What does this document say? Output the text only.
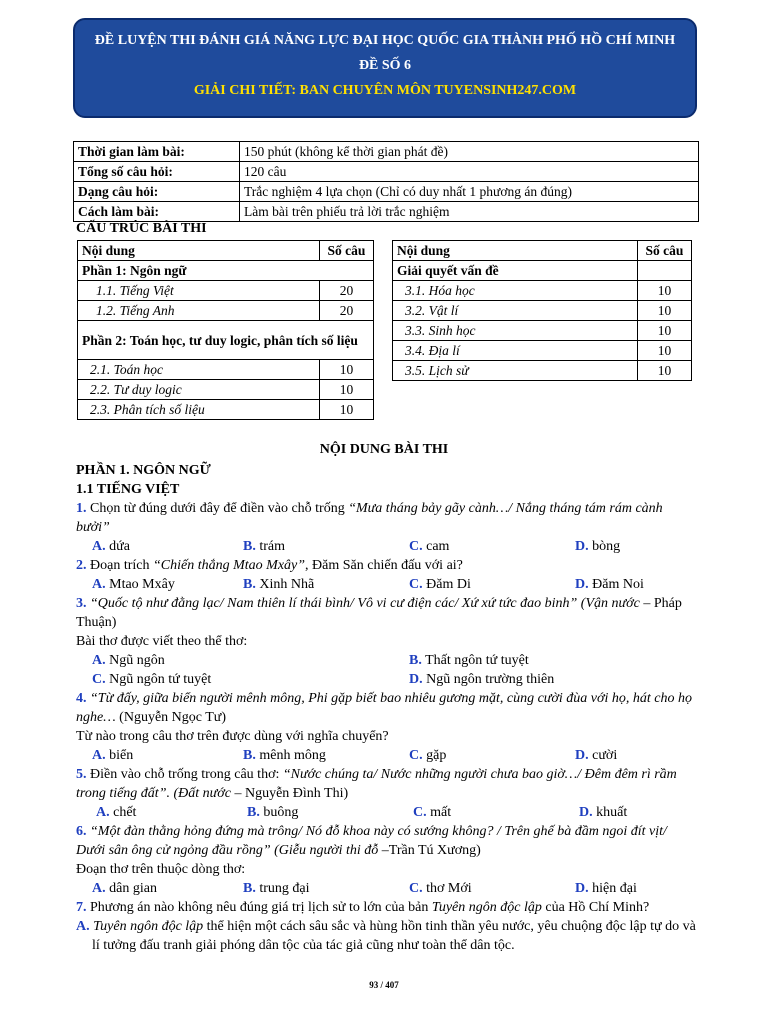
ĐỀ LUYỆN THI ĐÁNH GIÁ NĂNG LỰC ĐẠI HỌC QUỐC GIA THÀNH PHỐ HỒ CHÍ MINH
ĐỀ SỐ 6
GIẢI CHI TIẾT: BAN CHUYÊN MÔN TUYENSINH247.COM
Thời gian làm bài:	150 phút (không kể thời gian phát đề)
Tổng số câu hỏi:	120 câu
Dạng câu hỏi:	Trắc nghiệm 4 lựa chọn (Chỉ có duy nhất 1 phương án đúng)
Cách làm bài:	Làm bài trên phiếu trả lời trắc nghiệm
CẤU TRÚC BÀI THI
Nội dung	Số câu
Phần 1: Ngôn ngữ	
1.1. Tiếng Việt	20
1.2. Tiếng Anh	20
Phần 2: Toán học, tư duy logic, phân tích số liệu	
2.1. Toán học	10
2.2. Tư duy logic	10
2.3. Phân tích số liệu	10
Nội dung	Số câu
Giải quyết vấn đề	
3.1. Hóa học	10
3.2. Vật lí	10
3.3. Sinh học	10
3.4. Địa lí	10
3.5. Lịch sử	10
NỘI DUNG BÀI THI

PHẦN 1. NGÔN NGỮ

1.1 TIẾNG VIỆT

1. Chọn từ đúng dưới đây để điền vào chỗ trống “Mưa tháng bảy gãy cành…/ Nắng tháng tám rám cành bưởi”

A. dứa	B. trám	C. cam	D. bòng

2. Đoạn trích “Chiến thắng Mtao Mxây”, Đăm Săn chiến đấu với ai?

A. Mtao Mxây	B. Xinh Nhã	C. Đăm Di	D. Đăm Noi

3. “Quốc tộ như đằng lạc/ Nam thiên lí thái bình/ Vô vi cư điện các/ Xứ xứ tức đao binh” (Vận nước – Pháp Thuận)

Bài thơ được viết theo thể thơ:

A. Ngũ ngôn	B. Thất ngôn tứ tuyệt
C. Ngũ ngôn tứ tuyệt	D. Ngũ ngôn trường thiên

4. “Từ đấy, giữa biển người mênh mông, Phi gặp biết bao nhiêu gương mặt, cùng cười đùa với họ, hát cho họ nghe… (Nguyễn Ngọc Tư)

Từ nào trong câu thơ trên được dùng với nghĩa chuyển?

A. biển	B. mênh mông	C. gặp	D. cười

5. Điền vào chỗ trống trong câu thơ: “Nước chúng ta/ Nước những người chưa bao giờ…/ Đêm đêm rì rầm trong tiếng đất”. (Đất nước – Nguyễn Đình Thi)

A. chết	B. buông	C. mất	D. khuất

6. “Một đàn thằng hỏng đứng mà trông/ Nó đỗ khoa này có sướng không? / Trên ghế bà đầm ngoi đít vịt/ Dưới sân ông cử ngỏng đầu rồng” (Giễu người thi đỗ –Trần Tú Xương)

Đoạn thơ trên thuộc dòng thơ:

A. dân gian	B. trung đại	C. thơ Mới	D. hiện đại

7. Phương án nào không nêu đúng giá trị lịch sử to lớn của bản Tuyên ngôn độc lập của Hồ Chí Minh?

A. Tuyên ngôn độc lập thể hiện một cách sâu sắc và hùng hồn tinh thần yêu nước, yêu chuộng độc lập tự do và lí tưởng đấu tranh giải phóng dân tộc của tác giả cũng như toàn thể dân tộc.

93 / 407
